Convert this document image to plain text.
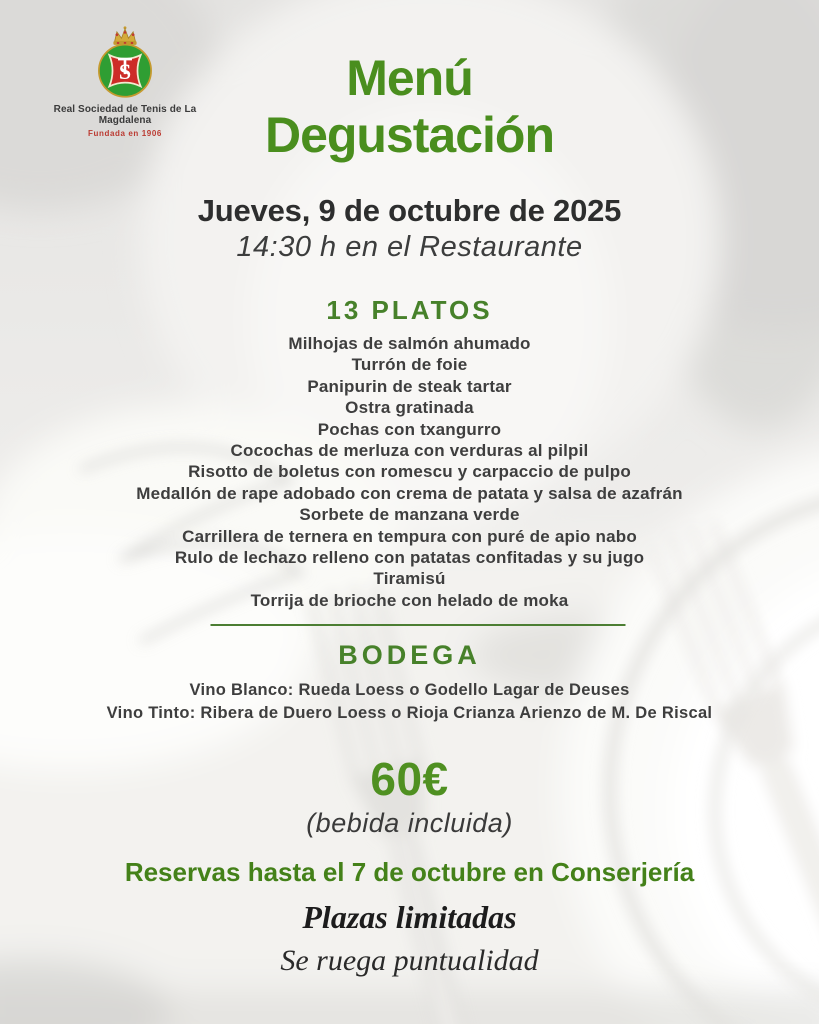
S
Real Sociedad de Tenis de La Magdalena
Fundada en 1906
Menú
Degustación
Jueves, 9 de octubre de 2025
14:30 h en el Restaurante
13 PLATOS
Milhojas de salmón ahumado
Turrón de foie
Panipurin de steak tartar
Ostra gratinada
Pochas con txangurro
Cocochas de merluza con verduras al pilpil
Risotto de boletus con romescu y carpaccio de pulpo
Medallón de rape adobado con crema de patata y salsa de azafrán
Sorbete de manzana verde
Carrillera de ternera en tempura con puré de apio nabo
Rulo de lechazo relleno con patatas confitadas y su jugo
Tiramisú
Torrija de brioche con helado de moka
BODEGA
Vino Blanco: Rueda Loess o Godello Lagar de Deuses
Vino Tinto: Ribera de Duero Loess o Rioja Crianza Arienzo de M. De Riscal
60€
(bebida incluida)
Reservas hasta el 7 de octubre en Conserjería
Plazas limitadas
Se ruega puntualidad
